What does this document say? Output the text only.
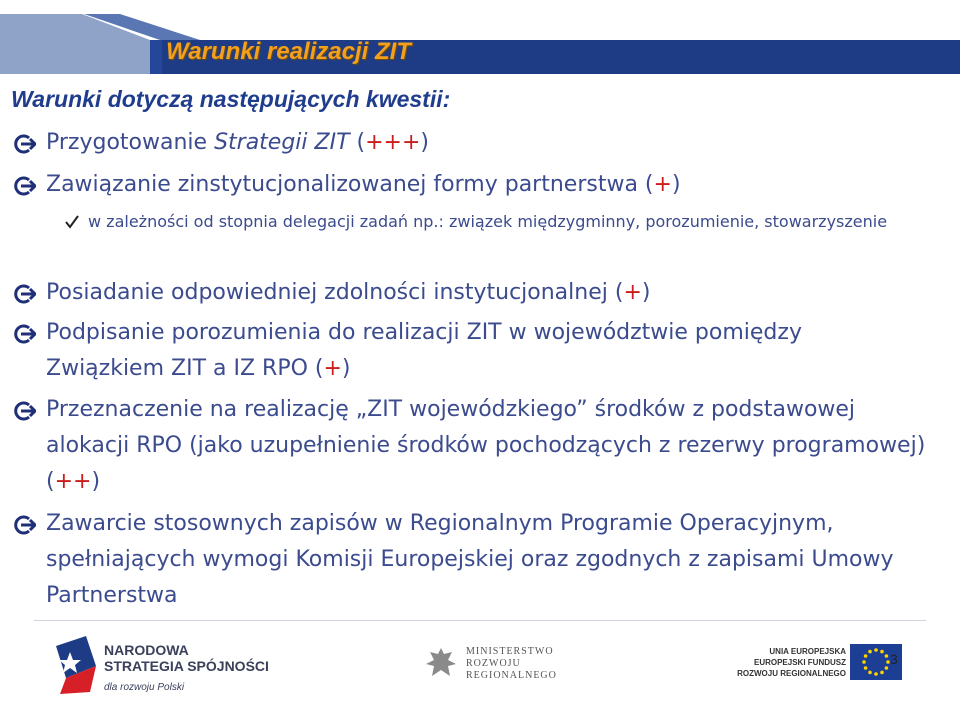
Warunki realizacji ZIT
Warunki dotyczą następujących kwestii:
Przygotowanie Strategii ZIT (+++)
Zawiązanie zinstytucjonalizowanej formy partnerstwa (+)
w zależności od stopnia delegacji zadań np.: związek międzygminny, porozumienie, stowarzyszenie
Posiadanie odpowiedniej zdolności instytucjonalnej (+)
Podpisanie porozumienia do realizacji ZIT w województwie pomiędzy Związkiem ZIT a IZ RPO (+)
Przeznaczenie na realizację „ZIT wojewódzkiego” środków z podstawowej alokacji RPO (jako uzupełnienie środków pochodzących z rezerwy programowej) (++)
Zawarcie stosownych zapisów w Regionalnym Programie Operacyjnym, spełniających wymogi Komisji Europejskiej oraz zgodnych z zapisami Umowy Partnerstwa
NARODOWA
STRATEGIA SPÓJNOŚCI
dla rozwoju Polski
MINISTERSTWO
ROZWOJU
REGIONALNEGO
UNIA EUROPEJSKA
EUROPEJSKI FUNDUSZ
ROZWOJU REGIONALNEGO
3
